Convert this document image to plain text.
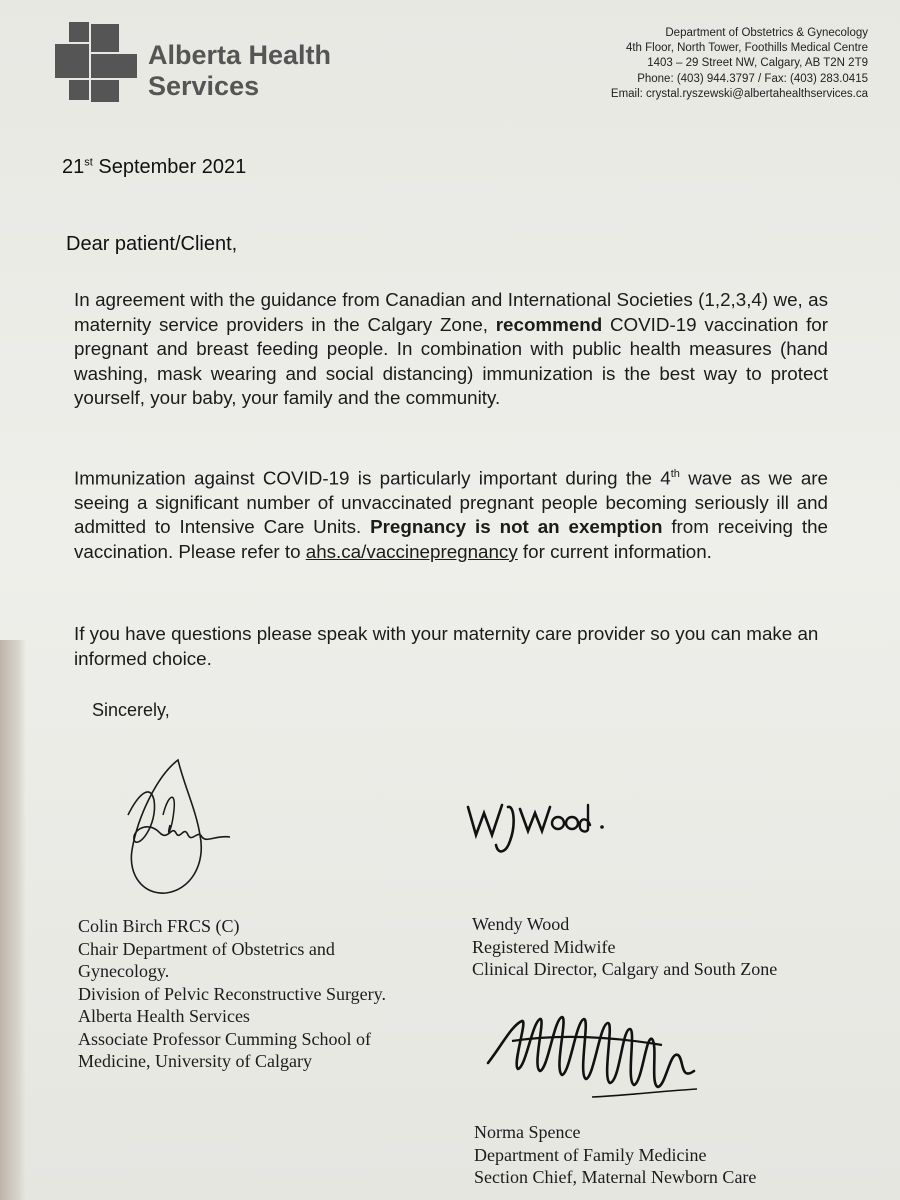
Alberta Health
Services
Department of Obstetrics & Gynecology
4th Floor, North Tower, Foothills Medical Centre
1403 – 29 Street NW, Calgary, AB T2N 2T9
Phone: (403) 944.3797 / Fax: (403) 283.0415
Email: crystal.ryszewski@albertahealthservices.ca
21st September 2021
Dear patient/Client,
In agreement with the guidance from Canadian and International Societies (1,2,3,4) we, as maternity service providers in the Calgary Zone, recommend COVID-19 vaccination for pregnant and breast feeding people. In combination with public health measures (hand washing, mask wearing and social distancing) immunization is the best way to protect yourself, your baby, your family and the community.
Immunization against COVID-19 is particularly important during the 4th wave as we are seeing a significant number of unvaccinated pregnant people becoming seriously ill and admitted to Intensive Care Units. Pregnancy is not an exemption from receiving the vaccination. Please refer to ahs.ca/vaccinepregnancy for current information.
If you have questions please speak with your maternity care provider so you can make an informed choice.
Sincerely,
Colin Birch FRCS (C)
Chair Department of Obstetrics and
Gynecology.
Division of Pelvic Reconstructive Surgery.
Alberta Health Services
Associate Professor Cumming School of
Medicine, University of Calgary
Wendy Wood
Registered Midwife
Clinical Director, Calgary and South Zone
Norma Spence
Department of Family Medicine
Section Chief, Maternal Newborn Care
